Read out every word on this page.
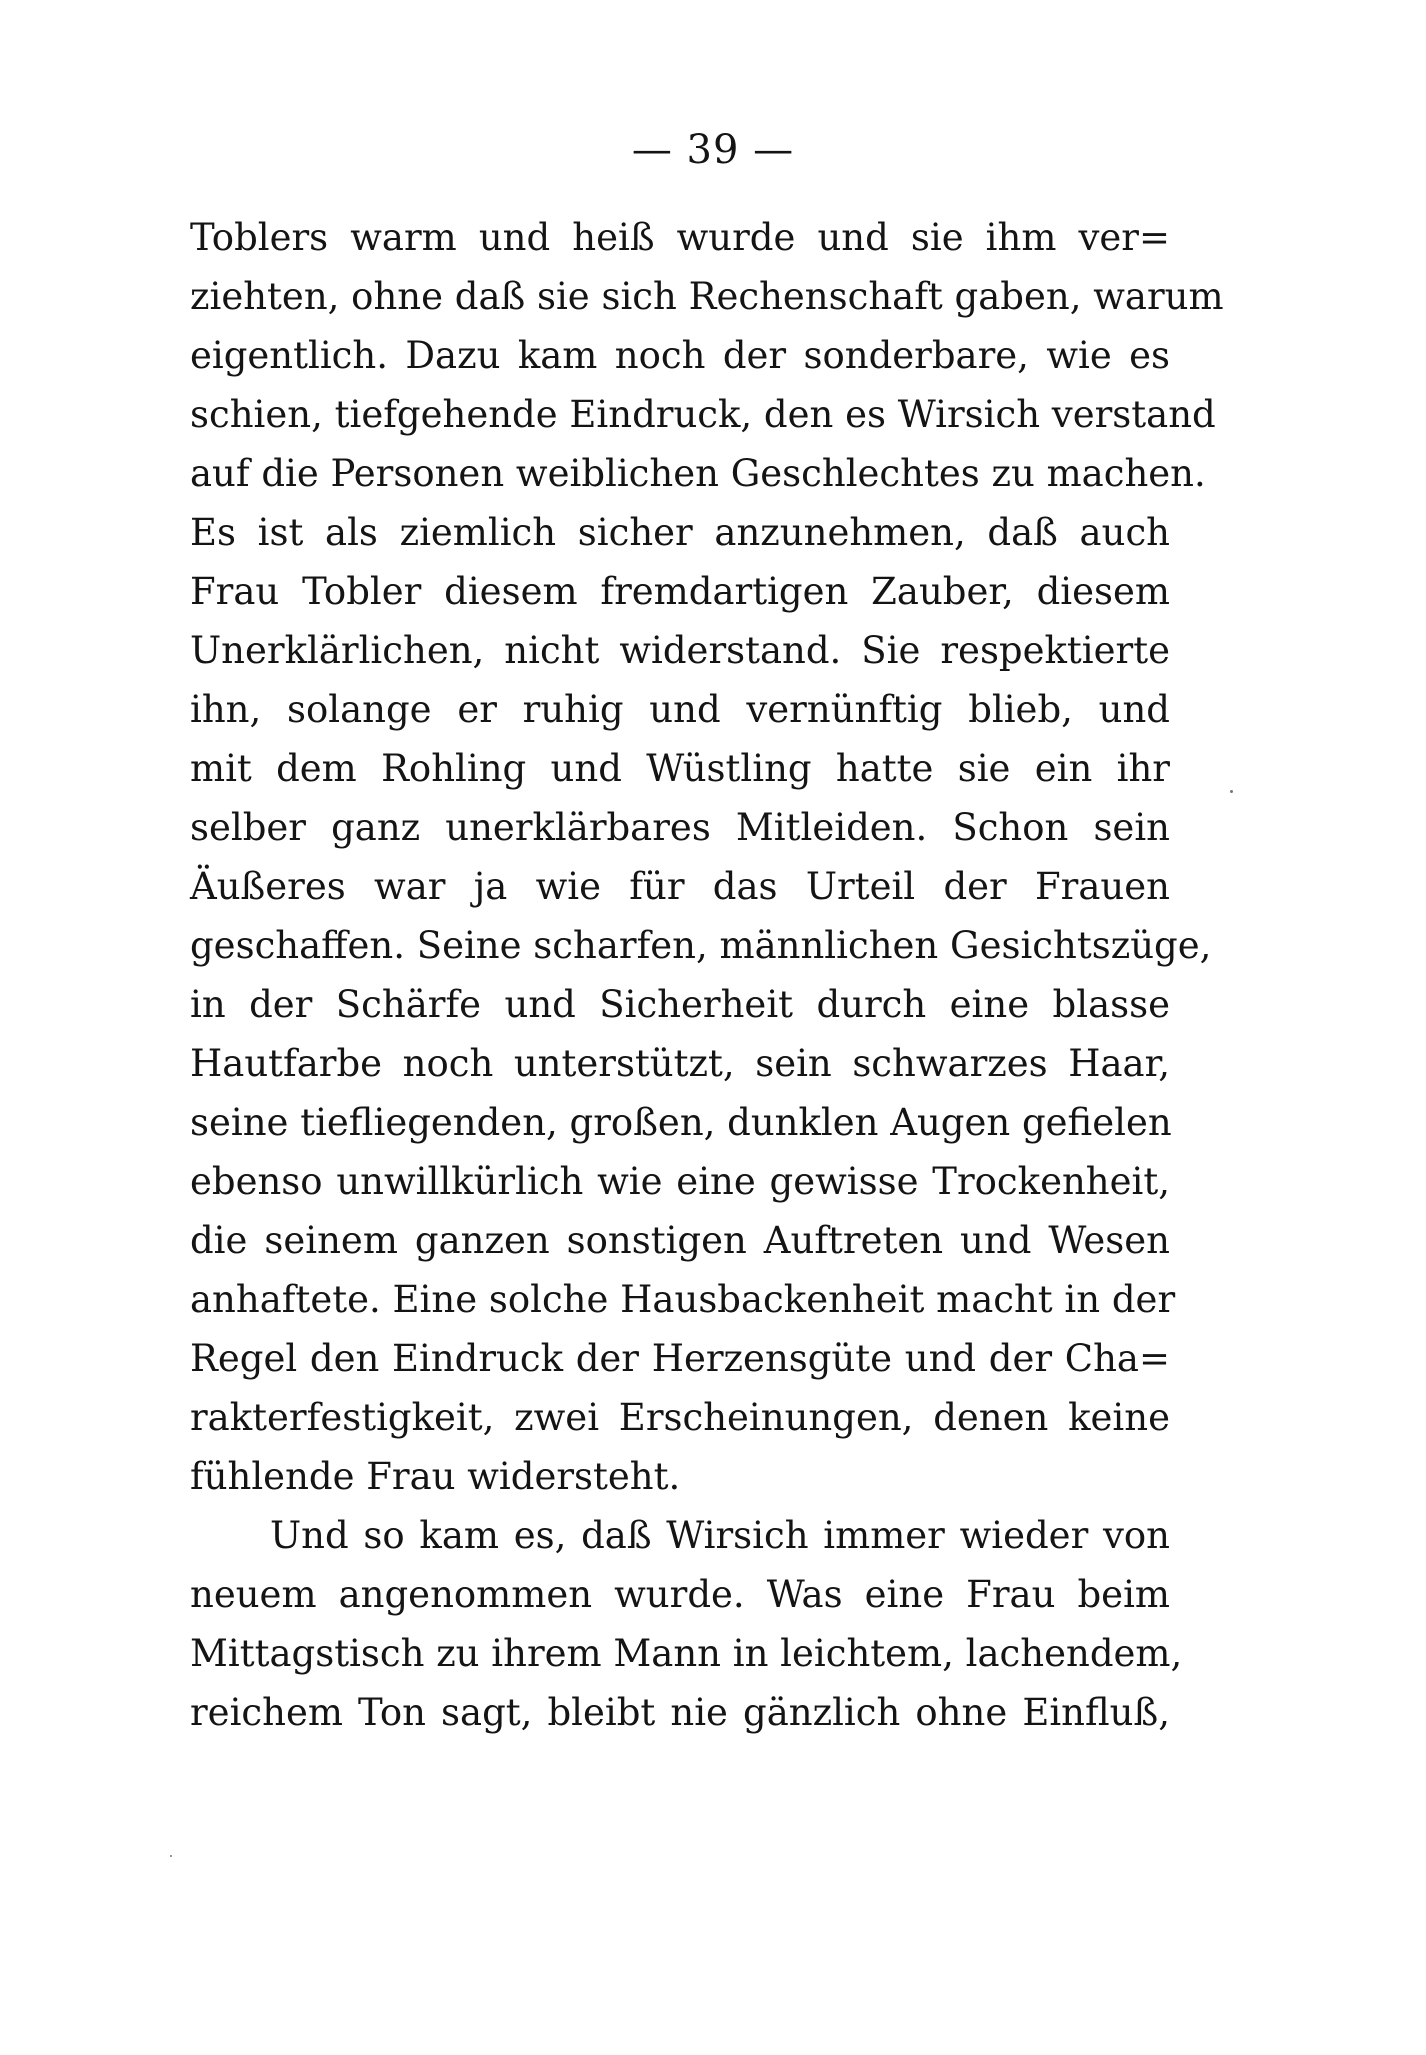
— 39 —
Toblers warm und heiß wurde und sie ihm ver=
ziehten, ohne daß sie sich Rechenschaft gaben, warum
eigentlich. Dazu kam noch der sonderbare, wie es
schien, tiefgehende Eindruck, den es Wirsich verstand
auf die Personen weiblichen Geschlechtes zu machen.
Es ist als ziemlich sicher anzunehmen, daß auch
Frau Tobler diesem fremdartigen Zauber, diesem
Unerklärlichen, nicht widerstand. Sie respektierte
ihn, solange er ruhig und vernünftig blieb, und
mit dem Rohling und Wüstling hatte sie ein ihr
selber ganz unerklärbares Mitleiden. Schon sein
Äußeres war ja wie für das Urteil der Frauen
geschaffen. Seine scharfen, männlichen Gesichtszüge,
in der Schärfe und Sicherheit durch eine blasse
Hautfarbe noch unterstützt, sein schwarzes Haar,
seine tiefliegenden, großen, dunklen Augen gefielen
ebenso unwillkürlich wie eine gewisse Trockenheit,
die seinem ganzen sonstigen Auftreten und Wesen
anhaftete. Eine solche Hausbackenheit macht in der
Regel den Eindruck der Herzensgüte und der Cha=
rakterfestigkeit, zwei Erscheinungen, denen keine
fühlende Frau widersteht.
Und so kam es, daß Wirsich immer wieder von
neuem angenommen wurde. Was eine Frau beim
Mittagstisch zu ihrem Mann in leichtem, lachendem,
reichem Ton sagt, bleibt nie gänzlich ohne Einfluß,
